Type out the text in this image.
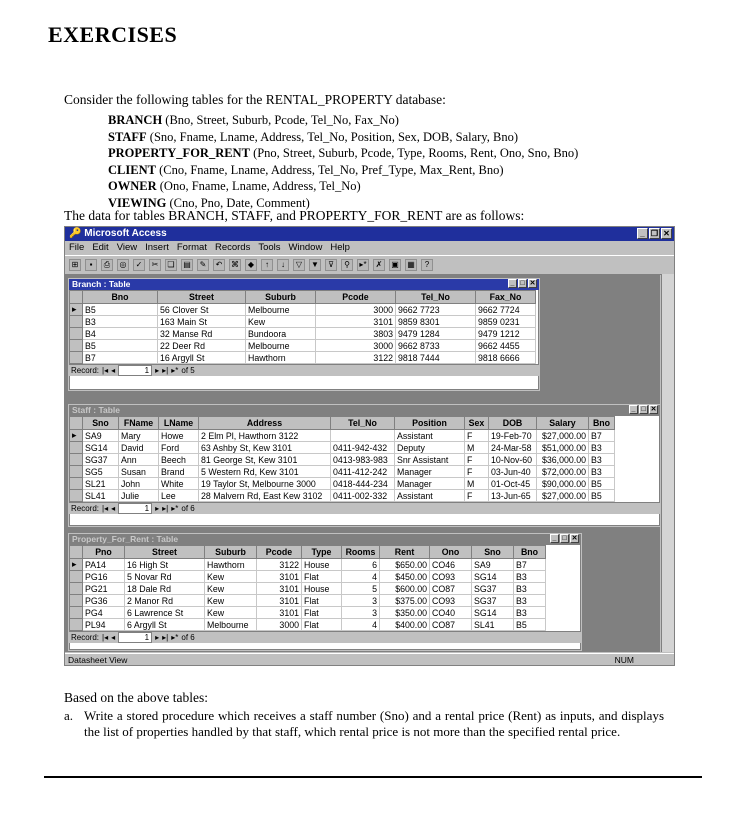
EXERCISES
Consider the following tables for the RENTAL_PROPERTY database:
BRANCH (Bno, Street, Suburb, Pcode, Tel_No, Fax_No)
STAFF (Sno, Fname, Lname, Address, Tel_No, Position, Sex, DOB, Salary, Bno)
PROPERTY_FOR_RENT (Pno, Street, Suburb, Pcode, Type, Rooms, Rent, Ono, Sno, Bno)
CLIENT (Cno, Fname, Lname, Address, Tel_No, Pref_Type, Max_Rent, Bno)
OWNER (Ono, Fname, Lname, Address, Tel_No)
VIEWING (Cno, Pno, Date, Comment)
The data for tables BRANCH, STAFF, and PROPERTY_FOR_RENT are as follows:
🔑 Microsoft Access	_ ❐ ✕
File Edit View Insert Format Records Tools Window Help
⊞	▪	⎙	◎	✓	✂	❏	▤	✎	↶	⌘	◆	↑	↓	▽	▼	⊽	⚲	▸*	✗	▣ ▦	?
Branch : Table	_ □ ✕
	Bno	Street	Suburb	Pcode	Tel_No	Fax_No
▸	B5	56 Clover St	Melbourne	3000	9662 7723	9662 7724
	B3	163 Main St	Kew	3101	9859 8301	9859 0231
	B4	32 Manse Rd	Bundoora	3803	9479 1284	9479 1212
	B5	22 Deer Rd	Melbourne	3000	9662 8733	9662 4455
	B7	16 Argyll St	Hawthorn	3122	9818 7444	9818 6666
Record: |◂ ◂	1 ▸ ▸| ▸* of 5
Staff : Table	_ □ ✕
	Sno	FName	LName	Address	Tel_No	Position	Sex	DOB	Salary	Bno
▸	SA9	Mary	Howe	2 Elm Pl, Hawthorn 3122		Assistant	F	19-Feb-70	$27,000.00	B7
	SG14	David	Ford	63 Ashby St, Kew 3101	0411-942-432	Deputy	M	24-Mar-58	$51,000.00	B3
	SG37	Ann	Beech	81 George St, Kew 3101	0413-983-983	Snr Assistant	F	10-Nov-60	$36,000.00	B3
	SG5	Susan	Brand	5 Western Rd, Kew 3101	0411-412-242	Manager	F	03-Jun-40	$72,000.00	B3
	SL21	John	White	19 Taylor St, Melbourne 3000	0418-444-234	Manager	M	01-Oct-45	$90,000.00	B5
	SL41	Julie	Lee	28 Malvern Rd, East Kew 3102	0411-002-332	Assistant	F	13-Jun-65	$27,000.00	B5
Record: |◂ ◂	1 ▸ ▸| ▸* of 6
Property_For_Rent : Table	_ □ ✕
	Pno	Street	Suburb	Pcode	Type	Rooms	Rent	Ono	Sno	Bno
▸	PA14	16 High St	Hawthorn	3122	House	6	$650.00	CO46	SA9	B7
	PG16	5 Novar Rd	Kew	3101	Flat	4	$450.00	CO93	SG14	B3
	PG21	18 Dale Rd	Kew	3101	House	5	$600.00	CO87	SG37	B3
	PG36	2 Manor Rd	Kew	3101	Flat	3	$375.00	CO93	SG37	B3
	PG4	6 Lawrence St	Kew	3101	Flat	3	$350.00	CO40	SG14	B3
	PL94	6 Argyll St	Melbourne	3000	Flat	4	$400.00	CO87	SL41	B5
Record: |◂ ◂	1 ▸ ▸| ▸* of 6
Datasheet View	NUM
Based on the above tables:
a. Write a stored procedure which receives a staff number (Sno) and a rental price (Rent) as inputs, and displays the list of properties handled by that staff, which rental price is not more than the specified rental price.
